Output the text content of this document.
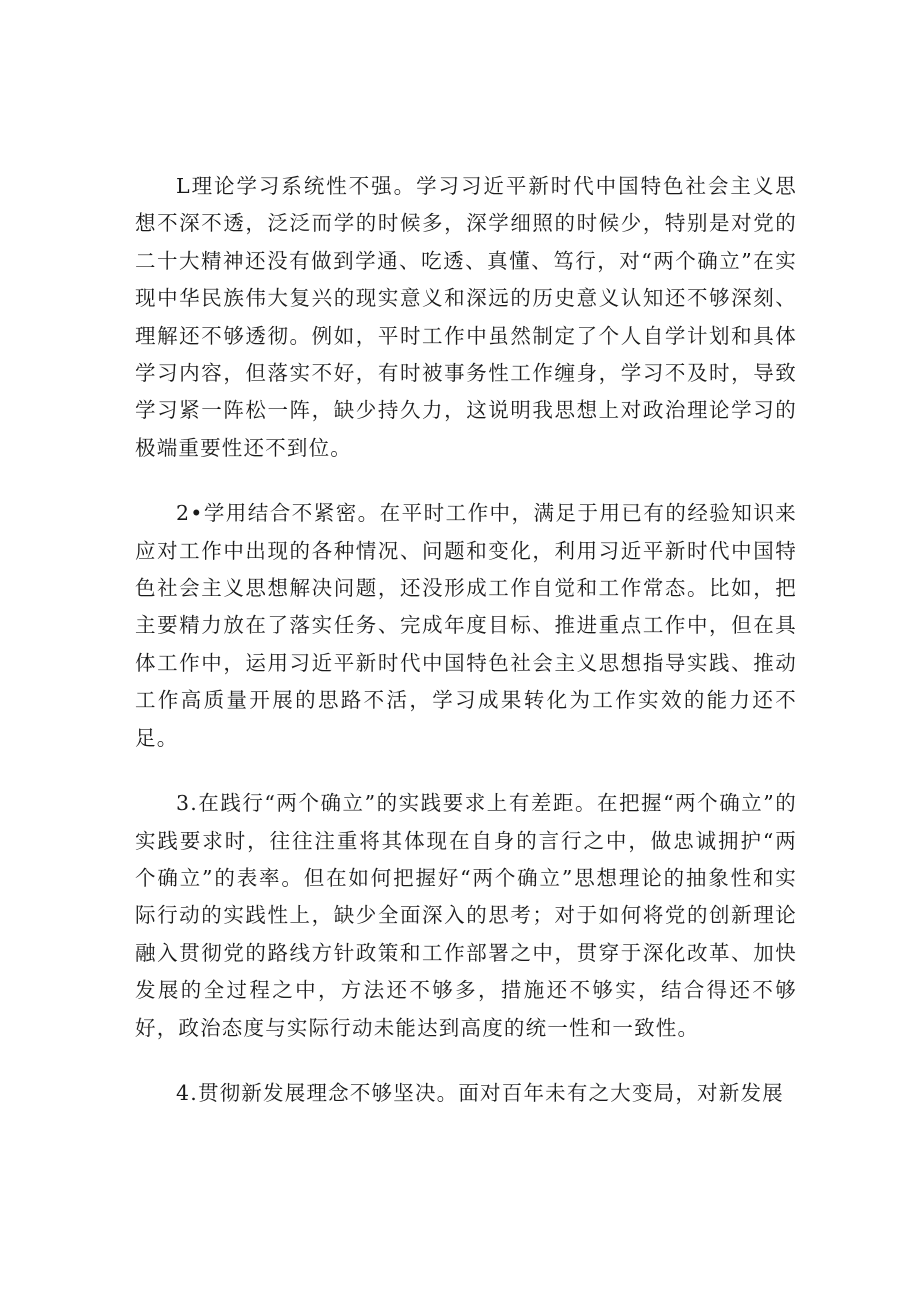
L理论学习系统性不强。学习习近平新时代中国特色社会主义思想不深不透，泛泛而学的时候多，深学细照的时候少，特别是对党的二十大精神还没有做到学通、吃透、真懂、笃行，对“两个确立”在实现中华民族伟大复兴的现实意义和深远的历史意义认知还不够深刻、理解还不够透彻。例如，平时工作中虽然制定了个人自学计划和具体学习内容，但落实不好，有时被事务性工作缠身，学习不及时，导致学习紧一阵松一阵，缺少持久力，这说明我思想上对政治理论学习的极端重要性还不到位。

2•学用结合不紧密。在平时工作中，满足于用已有的经验知识来应对工作中出现的各种情况、问题和变化，利用习近平新时代中国特色社会主义思想解决问题，还没形成工作自觉和工作常态。比如，把主要精力放在了落实任务、完成年度目标、推进重点工作中，但在具体工作中，运用习近平新时代中国特色社会主义思想指导实践、推动工作高质量开展的思路不活，学习成果转化为工作实效的能力还不足。

3.在践行“两个确立”的实践要求上有差距。在把握“两个确立”的实践要求时，往往注重将其体现在自身的言行之中，做忠诚拥护“两个确立”的表率。但在如何把握好“两个确立”思想理论的抽象性和实际行动的实践性上，缺少全面深入的思考；对于如何将党的创新理论融入贯彻党的路线方针政策和工作部署之中，贯穿于深化改革、加快发展的全过程之中，方法还不够多，措施还不够实，结合得还不够好，政治态度与实际行动未能达到高度的统一性和一致性。

4.贯彻新发展理念不够坚决。面对百年未有之大变局，对新发展
